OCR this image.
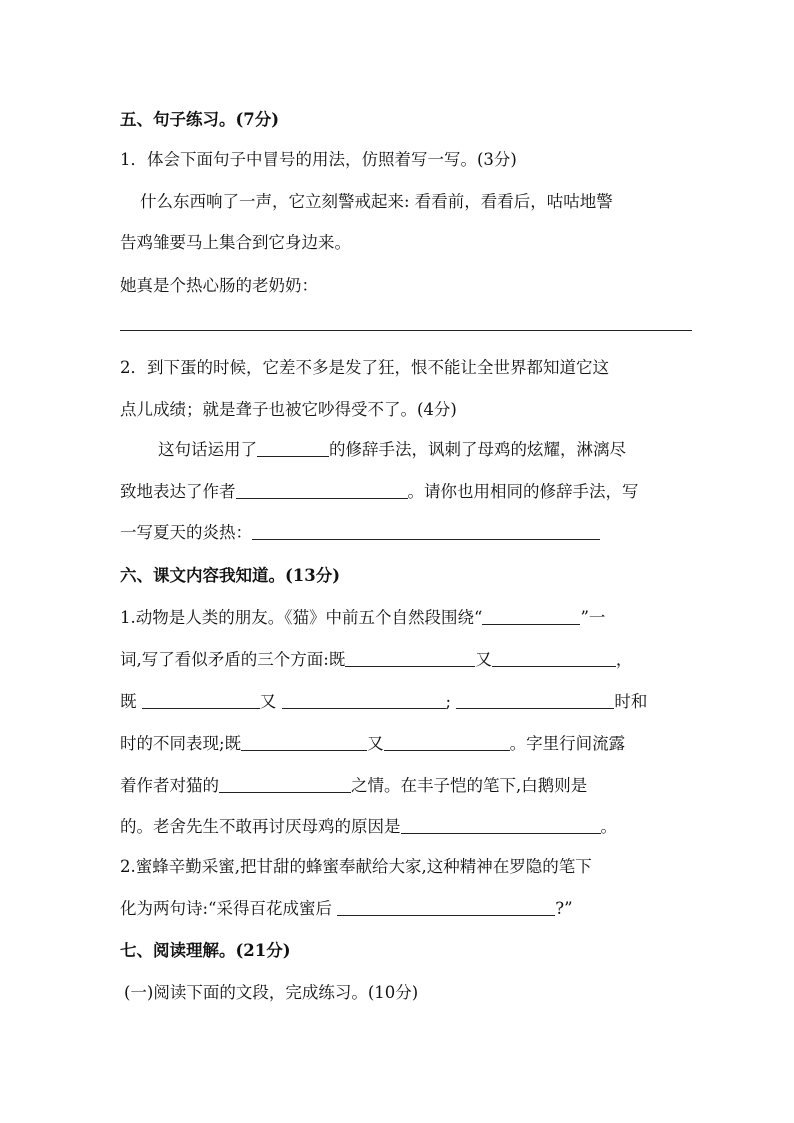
五、句子练习。(7分)

1．体会下面句子中冒号的用法，仿照着写一写。(3分)

什么东西响了一声，它立刻警戒起来: 看看前，看看后，咕咕地警

告鸡雏要马上集合到它身边来。

她真是个热心肠的老奶奶：

2．到下蛋的时候，它差不多是发了狂，恨不能让全世界都知道它这

点儿成绩；就是聋子也被它吵得受不了。(4分)

这句话运用了	的修辞手法，讽刺了母鸡的炫耀，淋漓尽

致地表达了作者	。请你也用相同的修辞手法，写

一写夏天的炎热：

六、课文内容我知道。(13分)

1.动物是人类的朋友。《猫》中前五个自然段围绕“	”一

词,写了看似矛盾的三个方面:既	又	，

既	又	;	时和

时的不同表现;既	又	。字里行间流露

着作者对猫的	之情。在丰子恺的笔下,白鹅则是

的。老舍先生不敢再讨厌母鸡的原因是	。

2.蜜蜂辛勤采蜜,把甘甜的蜂蜜奉献给大家,这种精神在罗隐的笔下

化为两句诗:“采得百花成蜜后	?”

七、阅读理解。(21分)

(一)阅读下面的文段，完成练习。(10分)
